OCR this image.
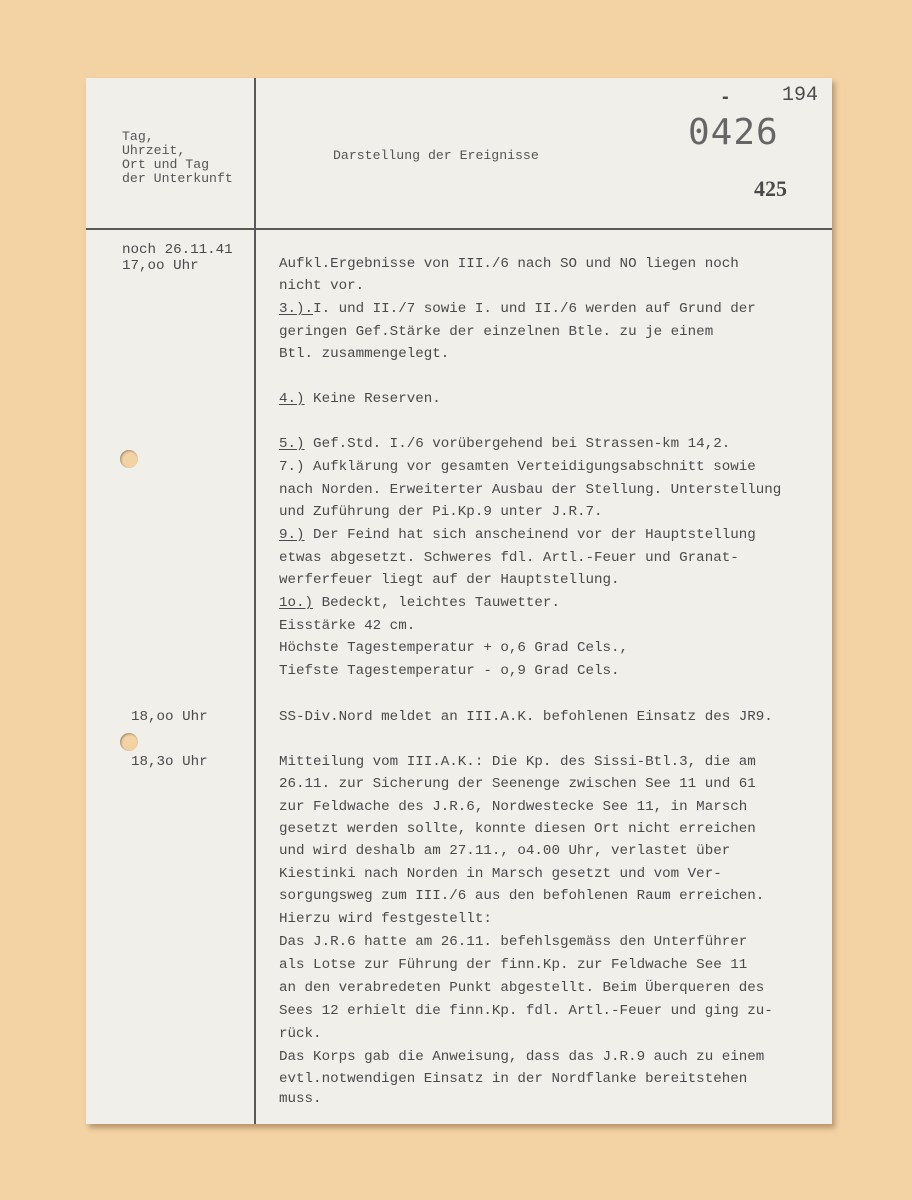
Tag,
Uhrzeit,
Ort und Tag
der Unterkunft
Darstellung der Ereignisse
-	194
0426
425
noch 26.11.41
17,oo Uhr
18,oo Uhr
18,3o Uhr
Aufkl.Ergebnisse von III./6 nach SO und NO liegen noch
nicht vor.
3.).I. und II./7 sowie I. und II./6 werden auf Grund der
geringen Gef.Stärke der einzelnen Btle. zu je einem
Btl. zusammengelegt.
4.) Keine Reserven.
5.) Gef.Std. I./6 vorübergehend bei Strassen-km 14,2.
7.) Aufklärung vor gesamten Verteidigungsabschnitt sowie
nach Norden. Erweiterter Ausbau der Stellung. Unterstellung
und Zuführung der Pi.Kp.9 unter J.R.7.
9.) Der Feind hat sich anscheinend vor der Hauptstellung
etwas abgesetzt. Schweres fdl. Artl.-Feuer und Granat-
werferfeuer liegt auf der Hauptstellung.
1o.) Bedeckt, leichtes Tauwetter.
Eisstärke 42 cm.
Höchste Tagestemperatur + o,6 Grad Cels.,
Tiefste Tagestemperatur - o,9 Grad Cels.
SS-Div.Nord meldet an III.A.K. befohlenen Einsatz des JR9.
Mitteilung vom III.A.K.: Die Kp. des Sissi-Btl.3, die am
26.11. zur Sicherung der Seenenge zwischen See 11 und 61
zur Feldwache des J.R.6, Nordwestecke See 11, in Marsch
gesetzt werden sollte, konnte diesen Ort nicht erreichen
und wird deshalb am 27.11., o4.00 Uhr, verlastet über
Kiestinki nach Norden in Marsch gesetzt und vom Ver-
sorgungsweg zum III./6 aus den befohlenen Raum erreichen.
Hierzu wird festgestellt:
Das J.R.6 hatte am 26.11. befehlsgemäss den Unterführer
als Lotse zur Führung der finn.Kp. zur Feldwache See 11
an den verabredeten Punkt abgestellt. Beim Überqueren des
Sees 12 erhielt die finn.Kp. fdl. Artl.-Feuer und ging zu-
rück.
Das Korps gab die Anweisung, dass das J.R.9 auch zu einem
evtl.notwendigen Einsatz in der Nordflanke bereitstehen
muss.
